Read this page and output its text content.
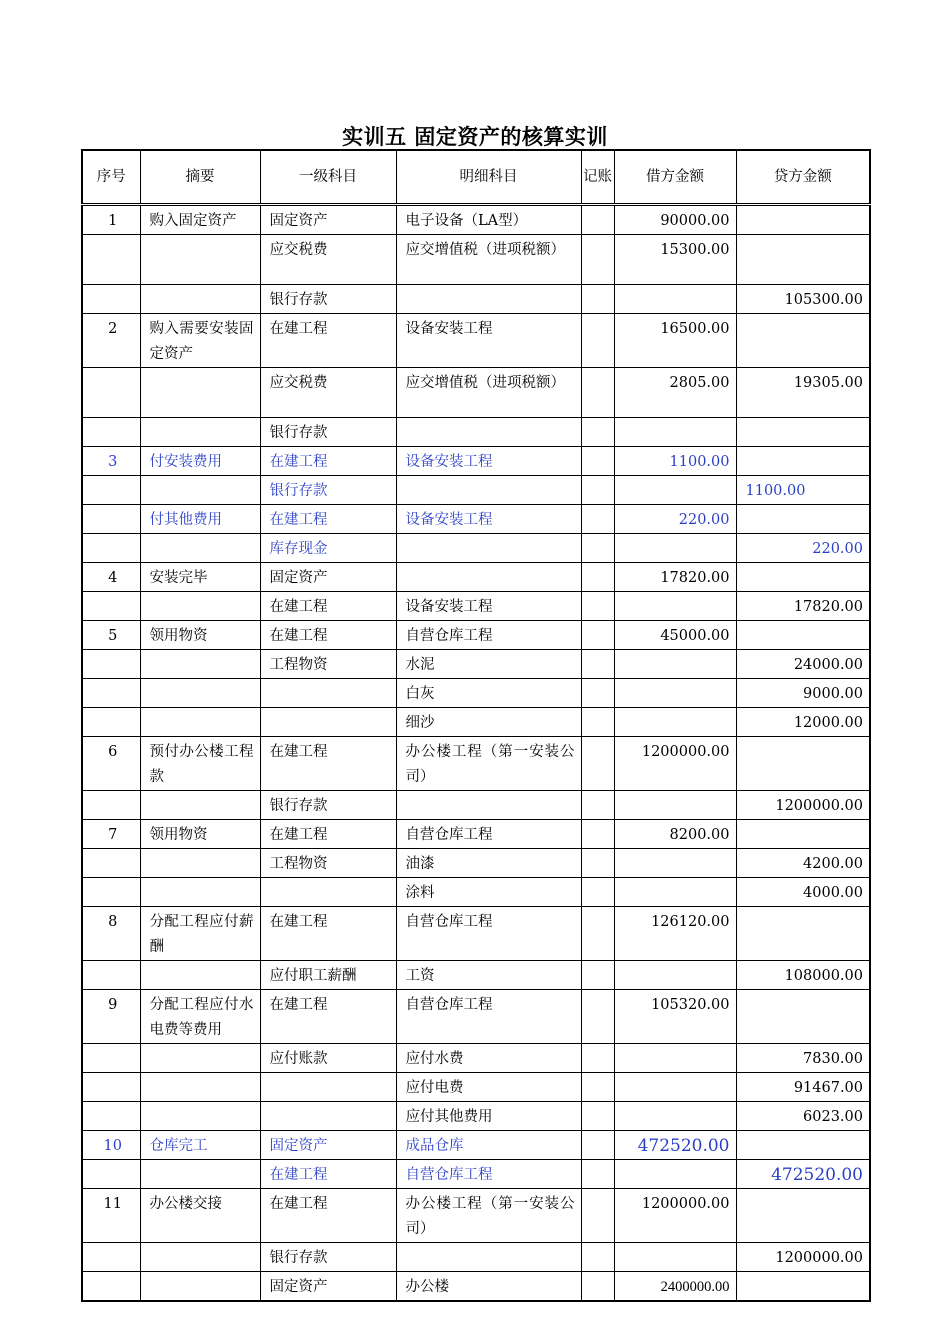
实训五 固定资产的核算实训
序号	摘要	一级科目	明细科目	记账	借方金额	贷方金额
1	购入固定资产	固定资产	电子设备（LA型）		90000.00	
		应交税费	应交增值税（进项税额）		15300.00	
		银行存款				105300.00
2	购入需要安装固定资产	在建工程	设备安装工程		16500.00	
		应交税费	应交增值税（进项税额）		2805.00	19305.00
		银行存款				
3	付安装费用	在建工程	设备安装工程		1100.00	
		银行存款				1100.00
	付其他费用	在建工程	设备安装工程		220.00	
		库存现金				220.00
4	安装完毕	固定资产			17820.00	
		在建工程	设备安装工程			17820.00
5	领用物资	在建工程	自营仓库工程		45000.00	
		工程物资	水泥			24000.00
			白灰			9000.00
			细沙			12000.00
6	预付办公楼工程款	在建工程	办公楼工程（第一安装公司）		1200000.00	
		银行存款				1200000.00
7	领用物资	在建工程	自营仓库工程		8200.00	
		工程物资	油漆			4200.00
			涂料			4000.00
8	分配工程应付薪酬	在建工程	自营仓库工程		126120.00	
		应付职工薪酬	工资			108000.00
9	分配工程应付水电费等费用	在建工程	自营仓库工程		105320.00	
		应付账款	应付水费			7830.00
			应付电费			91467.00
			应付其他费用			6023.00
10	仓库完工	固定资产	成品仓库		472520.00	
		在建工程	自营仓库工程			472520.00
11	办公楼交接	在建工程	办公楼工程（第一安装公司）		1200000.00	
		银行存款				1200000.00
		固定资产	办公楼		2400000.00	
